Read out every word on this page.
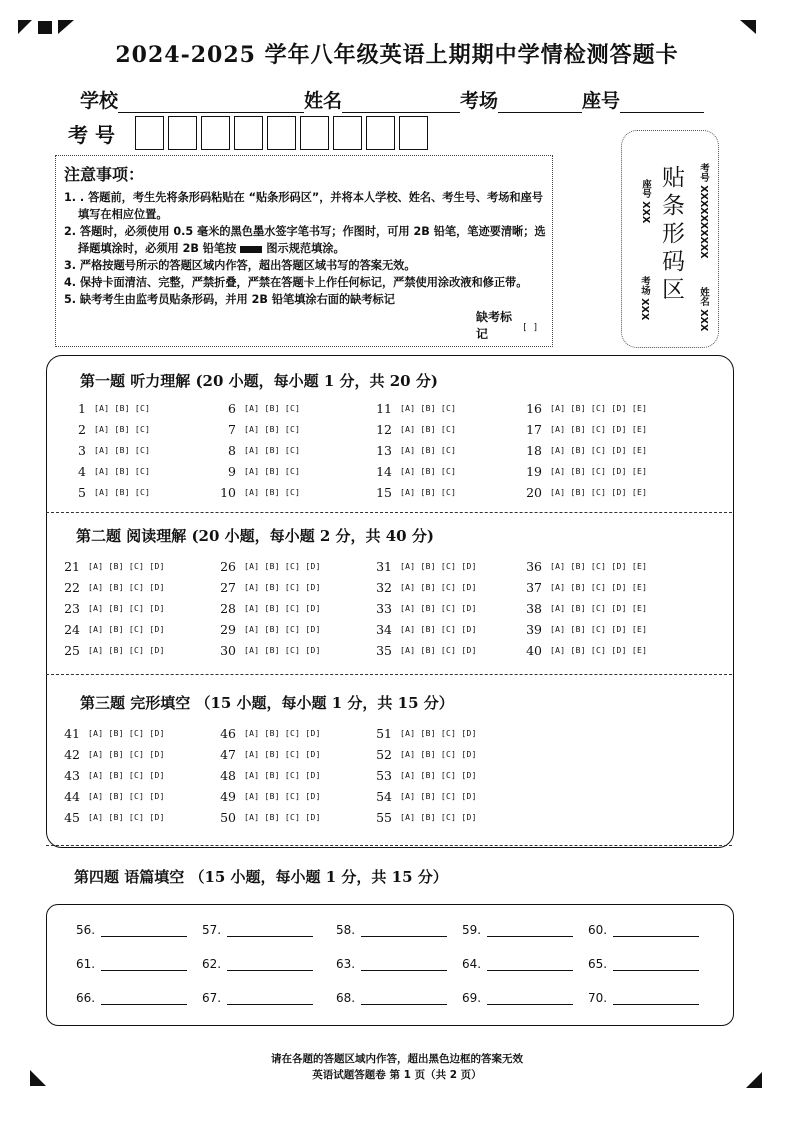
2024-2025 学年八年级英语上期期中学情检测答题卡
学校	姓名	考场	座号
考 号
注意事项：
1. . 答题前，考生先将条形码粘贴在 “贴条形码区”，并将本人学校、姓名、考生号、考场和座号填写在相应位置。
2. 答题时，必须使用 0.5 毫米的黑色墨水签字笔书写；作图时，可用 2B 铅笔，笔迹要清晰；选择题填涂时，必须用 2B 铅笔按	图示规范填涂。
3. 严格按题号所示的答题区域内作答，超出答题区域书写的答案无效。
4. 保持卡面清洁、完整，严禁折叠，严禁在答题卡上作任何标记，严禁使用涂改液和修正带。
5. 缺考考生由监考员贴条形码，并用 2B 铅笔填涂右面的缺考标记
缺考标记	[ ]
考场 XXX
座号 XXX 贴条形码区	考号 XXXXXXXXXX
姓名 XXX
第一题 听力理解 (20 小题，每小题 1 分，共 20 分)
第二题 阅读理解 (20 小题，每小题 2 分，共 40 分)
第三题 完形填空 （15 小题，每小题 1 分，共 15 分）
第四题 语篇填空 （15 小题，每小题 1 分，共 15 分）
1 [A] [B] [C]
2 [A] [B] [C]
3 [A] [B] [C]
4 [A] [B] [C]
5 [A] [B] [C]
6 [A] [B] [C]
7 [A] [B] [C]
8 [A] [B] [C]
9 [A] [B] [C]
10 [A] [B] [C]
11 [A] [B] [C]
12 [A] [B] [C]
13 [A] [B] [C]
14 [A] [B] [C]
15 [A] [B] [C]
16 [A] [B] [C] [D] [E]
17 [A] [B] [C] [D] [E]
18 [A] [B] [C] [D] [E]
19 [A] [B] [C] [D] [E]
20 [A] [B] [C] [D] [E]
21 [A] [B] [C] [D]
22 [A] [B] [C] [D]
23 [A] [B] [C] [D]
24 [A] [B] [C] [D]
25 [A] [B] [C] [D]
26 [A] [B] [C] [D]
27 [A] [B] [C] [D]
28 [A] [B] [C] [D]
29 [A] [B] [C] [D]
30 [A] [B] [C] [D]
31 [A] [B] [C] [D]
32 [A] [B] [C] [D]
33 [A] [B] [C] [D]
34 [A] [B] [C] [D]
35 [A] [B] [C] [D]
36 [A] [B] [C] [D] [E]
37 [A] [B] [C] [D] [E]
38 [A] [B] [C] [D] [E]
39 [A] [B] [C] [D] [E]
40 [A] [B] [C] [D] [E]
41 [A] [B] [C] [D]
42 [A] [B] [C] [D]
43 [A] [B] [C] [D]
44 [A] [B] [C] [D]
45 [A] [B] [C] [D]
46 [A] [B] [C] [D]
47 [A] [B] [C] [D]
48 [A] [B] [C] [D]
49 [A] [B] [C] [D]
50 [A] [B] [C] [D]
51 [A] [B] [C] [D]
52 [A] [B] [C] [D]
53 [A] [B] [C] [D]
54 [A] [B] [C] [D]
55 [A] [B] [C] [D]
56.	57.	58.	59.	60.
61.	62.	63.	64.	65.
66.	67.	68.	69.	70.
请在各题的答题区域内作答，超出黑色边框的答案无效
英语试题答题卷 第 1 页（共 2 页）
